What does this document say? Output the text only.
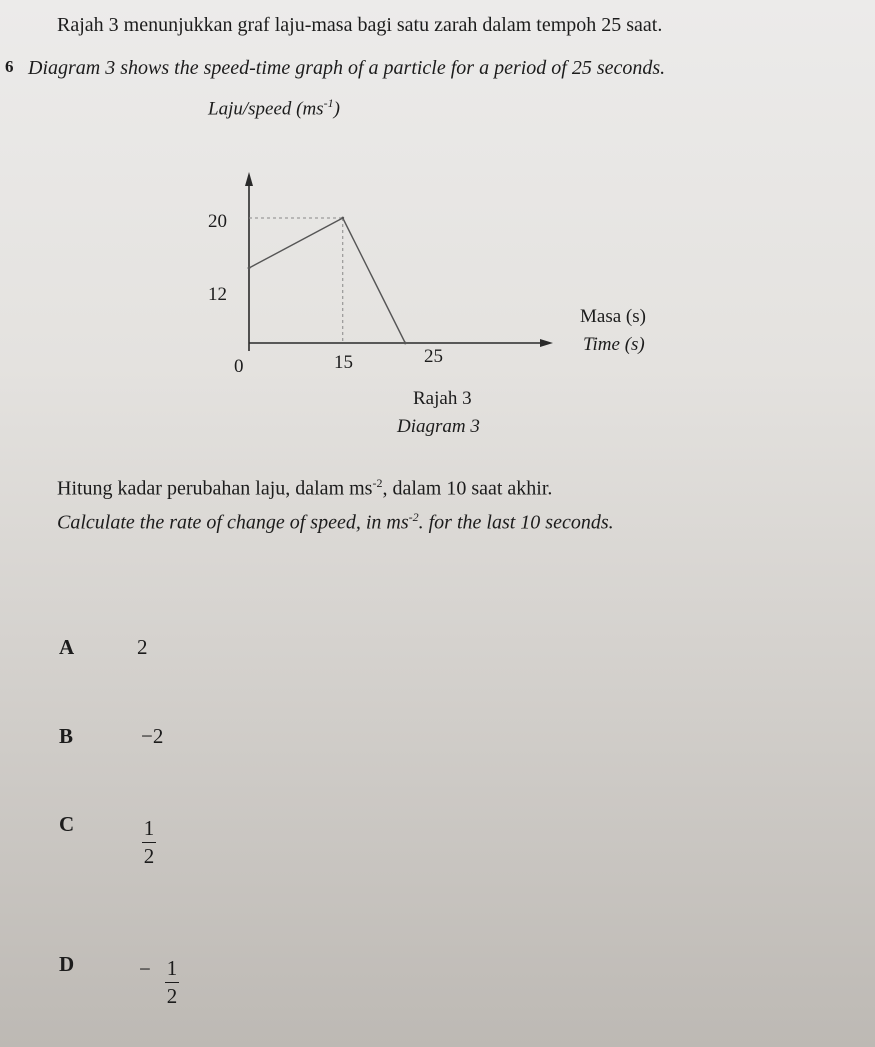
6
Rajah 3 menunjukkan graf laju-masa bagi satu zarah dalam tempoh 25 saat.
Diagram 3 shows the speed-time graph of a particle for a period of 25 seconds.
Laju/speed $(ms^{-1})$
20
12
0	15	25
Masa (s)
Time (s)
Rajah 3
Diagram 3
Hitung kadar perubahan laju, dalam $ms^{-2}$, dalam 10 saat akhir.
Calculate the rate of change of speed, in $ms^{-2}$. for the last 10 seconds.
A	2
B	−2
C	1
2
D	− 1
2
